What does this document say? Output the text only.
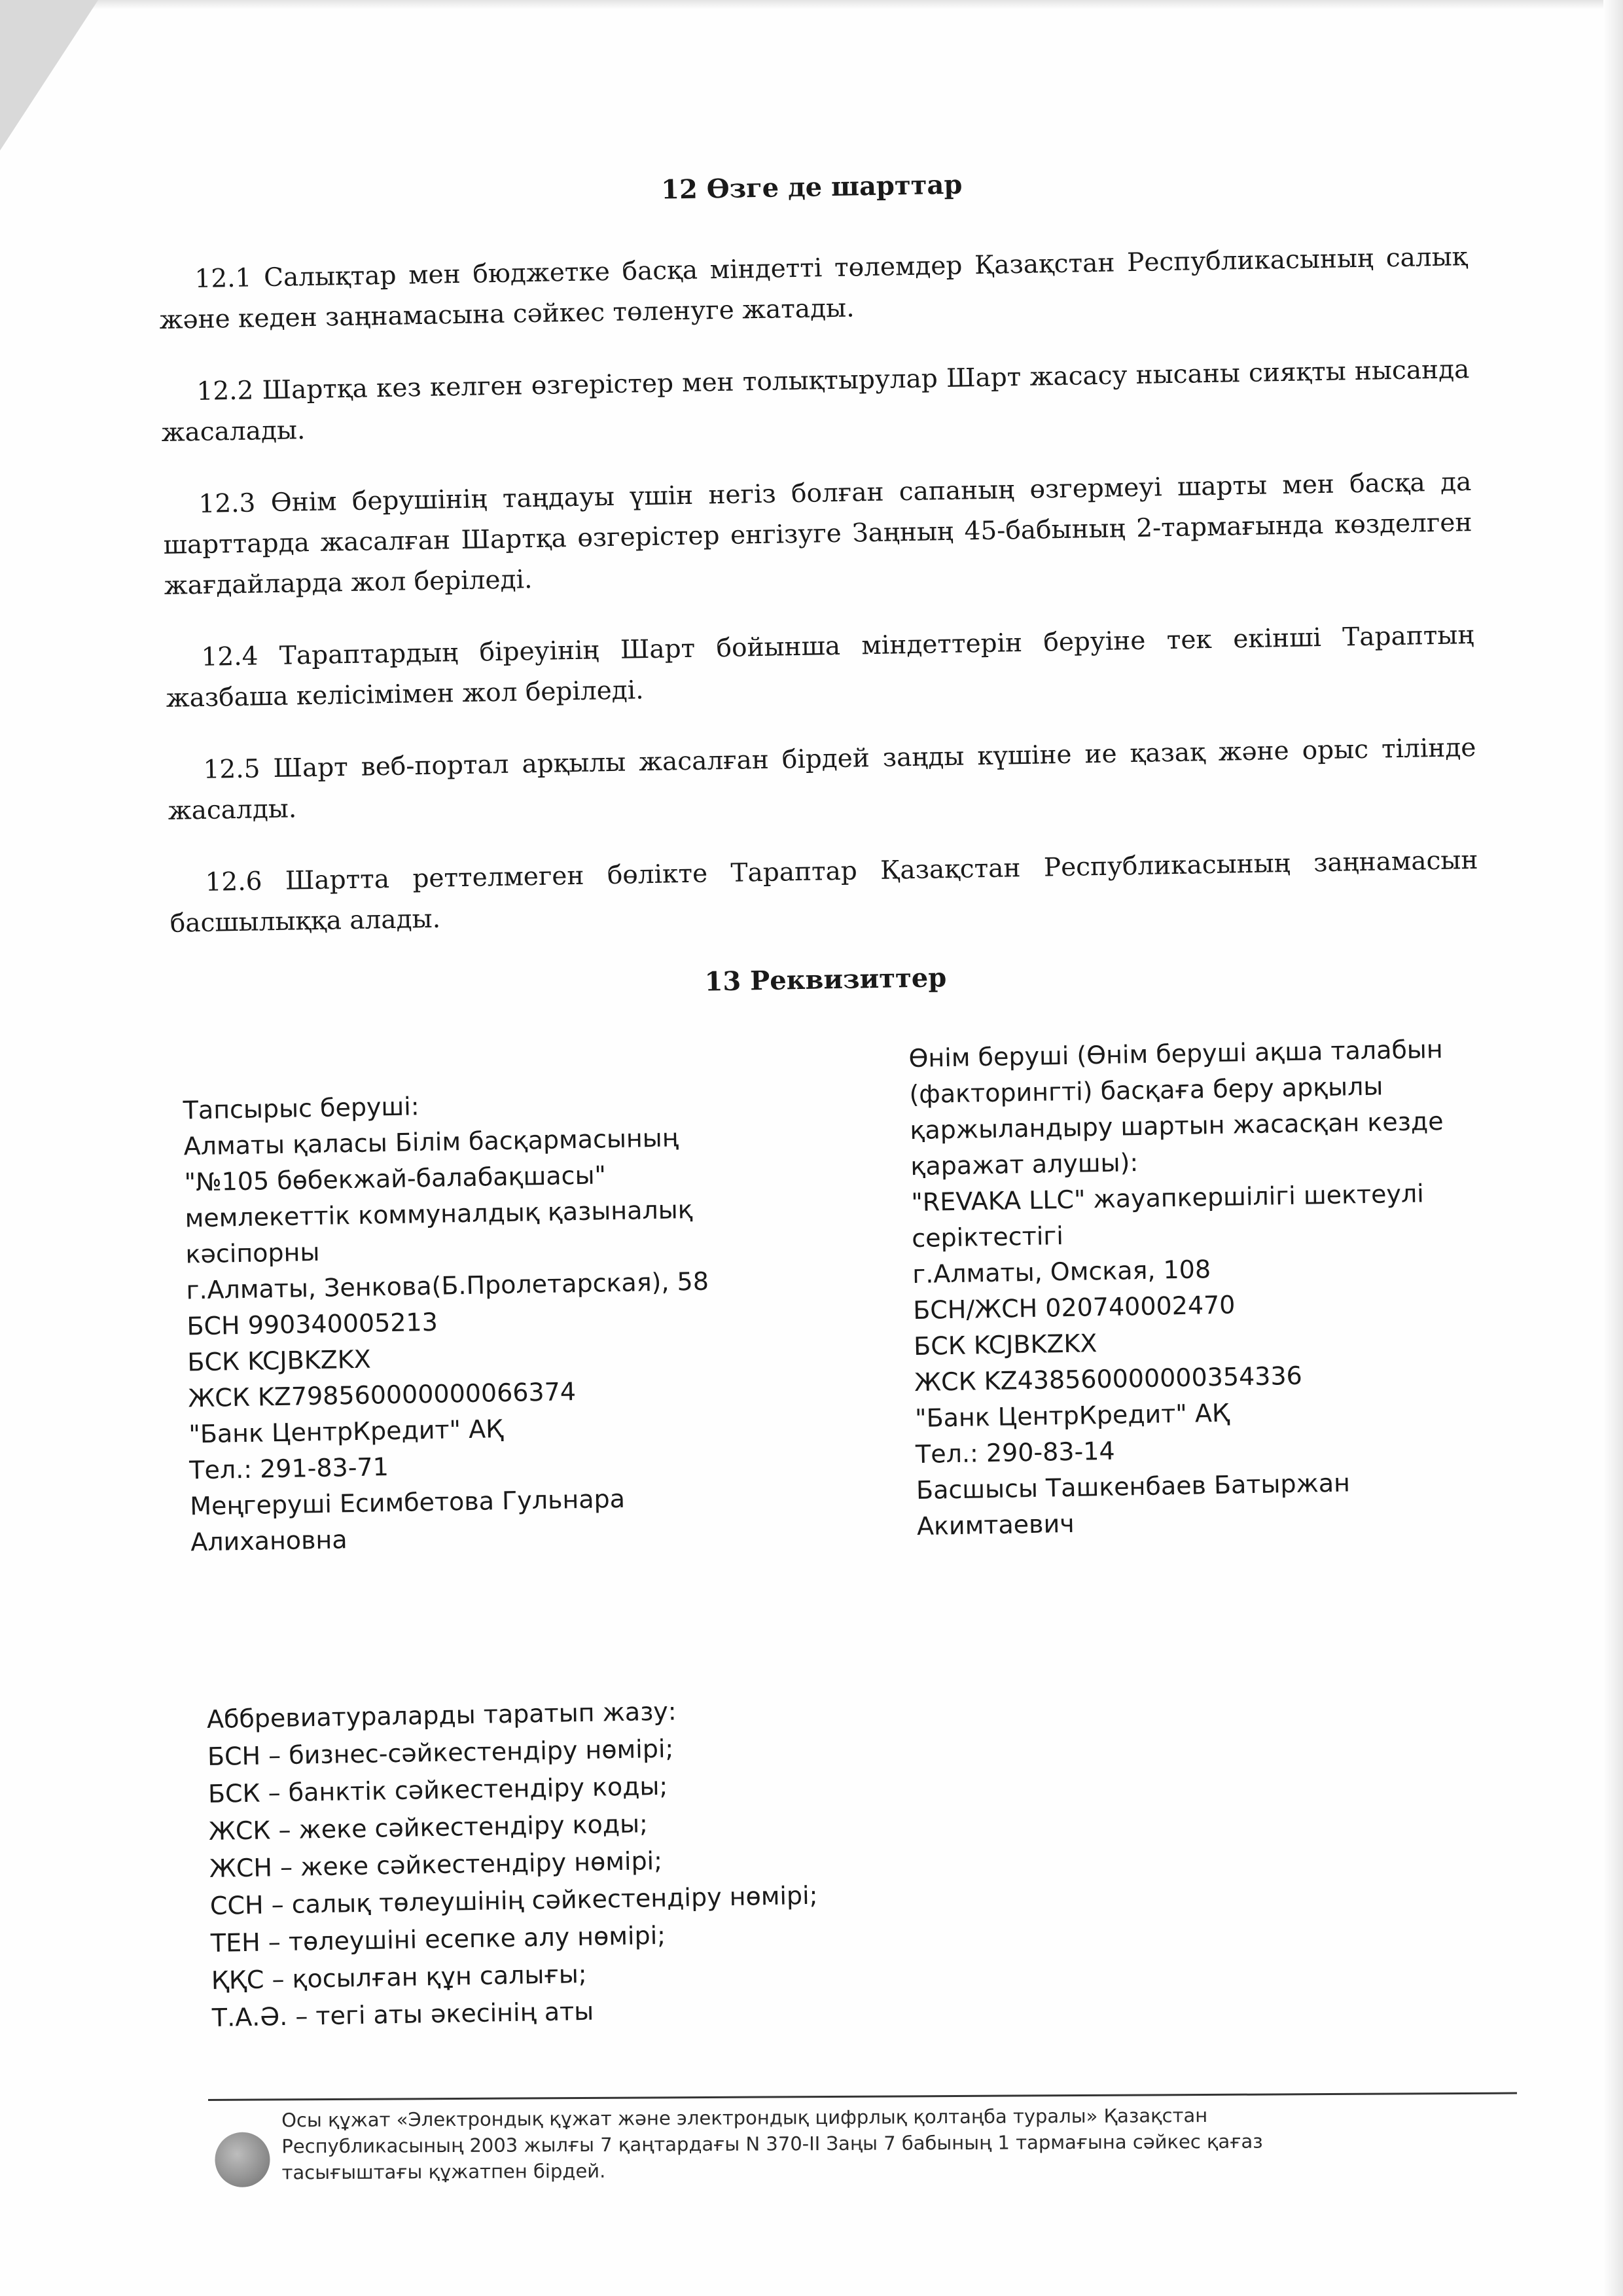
12 Өзге де шарттар

12.1 Салықтар мен бюджетке басқа міндетті төлемдер Қазақстан Республикасының салық және кеден заңнамасына сәйкес төленуге жатады.

12.2 Шартқа кез келген өзгерістер мен толықтырулар Шарт жасасу нысаны сияқты нысанда жасалады.

12.3 Өнім берушінің таңдауы үшін негіз болған сапаның өзгермеуі шарты мен басқа да шарттарда жасалған Шартқа өзгерістер енгізуге Заңның 45-бабының 2-тармағында көзделген жағдайларда жол беріледі.

12.4 Тараптардың біреуінің Шарт бойынша міндеттерін беруіне тек екінші Тараптың жазбаша келісімімен жол беріледі.

12.5 Шарт веб-портал арқылы жасалған бірдей заңды күшіне ие қазақ және орыс тілінде жасалды.

12.6 Шартта реттелмеген бөлікте Тараптар Қазақстан Республикасының заңнамасын басшылыққа алады.

13 Реквизиттер
Тапсырыс беруші:
Алматы қаласы Білім басқармасының
"№105 бөбекжай-балабақшасы"
мемлекеттік коммуналдық қазыналық
кәсіпорны
г.Алматы, Зенкова(Б.Пролетарская), 58
БСН 990340005213
БСК KCJBKZKX
ЖСК KZ798560000000066374
"Банк ЦентрКредит" АҚ
Тел.: 291-83-71
Меңгеруші Есимбетова Гульнара
Алихановна
Өнім беруші (Өнім беруші ақша талабын
(факторингті) басқаға беру арқылы
қаржыландыру шартын жасасқан кезде
қаражат алушы):
"REVAKA LLC" жауапкершілігі шектеулі
серіктестігі
г.Алматы, Омская, 108
БСН/ЖСН 020740002470
БСК KCJBKZKX
ЖСК KZ438560000000354336
"Банк ЦентрКредит" АҚ
Тел.: 290-83-14
Басшысы Ташкенбаев Батыржан
Акимтаевич
Аббревиатураларды таратып жазу:
БСН – бизнес-сәйкестендіру нөмірі;
БСК – банктік сәйкестендіру коды;
ЖСК – жеке сәйкестендіру коды;
ЖСН – жеке сәйкестендіру нөмірі;
ССН – салық төлеушінің сәйкестендіру нөмірі;
ТЕН – төлеушіні есепке алу нөмірі;
ҚҚС – қосылған құн салығы;
Т.А.Ә. – тегі аты әкесінің аты
Осы құжат «Электрондық құжат және электрондық цифрлық қолтаңба туралы» Қазақстан
Республикасының 2003 жылғы 7 қаңтардағы N 370-II Заңы 7 бабының 1 тармағына сәйкес қағаз
тасығыштағы құжатпен бірдей.
